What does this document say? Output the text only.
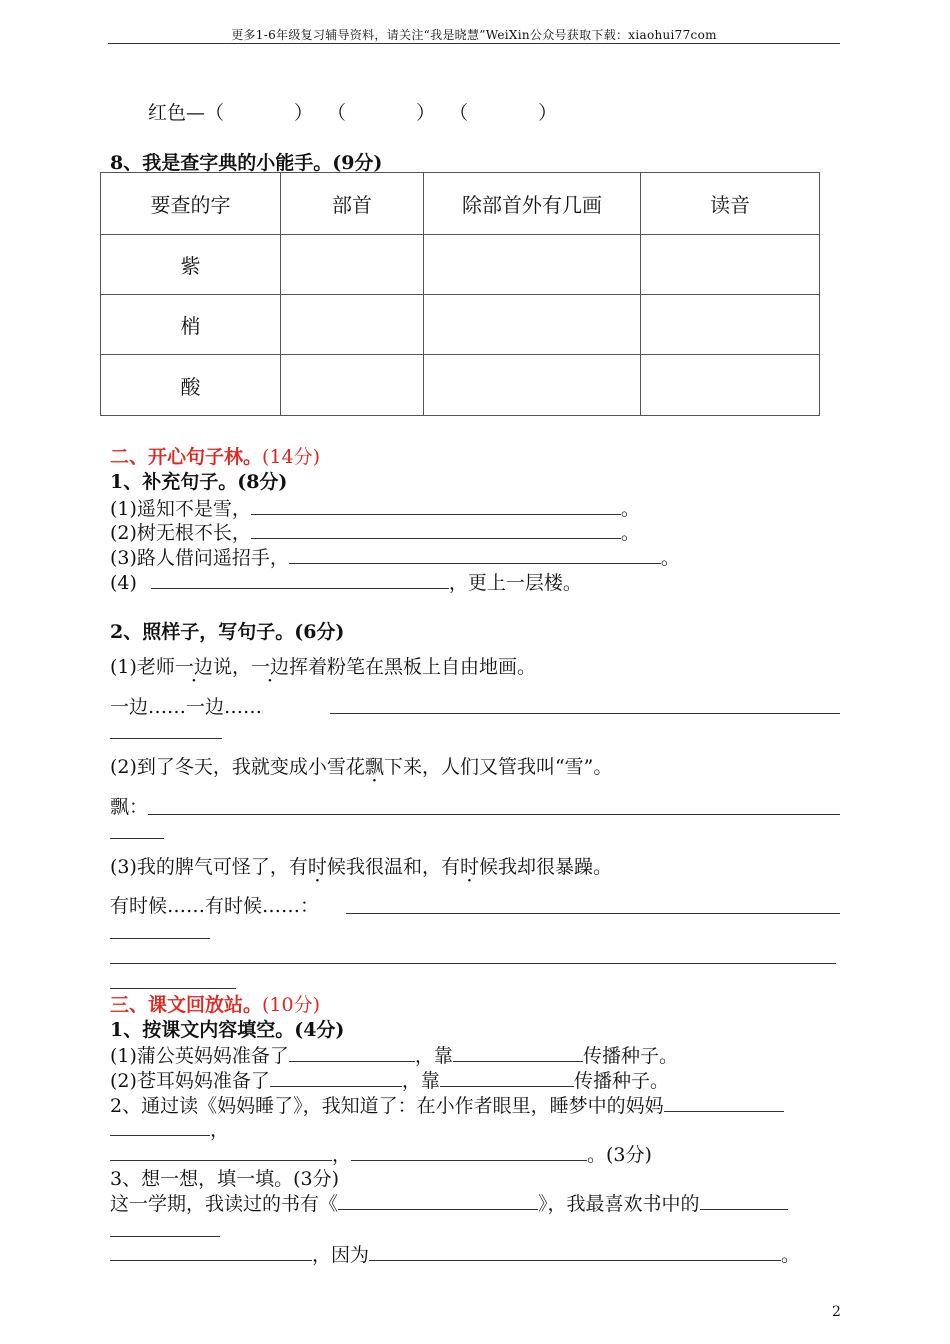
更多1-6年级复习辅导资料，请关注“我是晓慧”WeiXin公众号获取下载：xiaohui77com
红色—（	） （	） （	）
8、我是查字典的小能手。(9分)
要查的字	部首	除部首外有几画	读音
紫			
梢			
酸			
二、开心句子林。(14分)
1、补充句子。(8分)
(1)遥知不是雪，	。
(2)树无根不长，	。
(3)路人借问遥招手，	。
(4)	，更上一层楼。
2、照样子，写句子。(6分)
(1)老师一边说，一边挥着粉笔在黑板上自由地画。
一边……一边……
(2)到了冬天，我就变成小雪花飘下来，人们又管我叫“雪”。
飘：
(3)我的脾气可怪了，有时候我很温和，有时候我却很暴躁。
有时候……有时候……：
三、课文回放站。(10分)
1、按课文内容填空。(4分)
(1)蒲公英妈妈准备了	，靠	传播种子。
(2)苍耳妈妈准备了	，靠	传播种子。
2、通过读《妈妈睡了》，我知道了：在小作者眼里，睡梦中的妈妈
，
，	。(3分)
3、想一想，填一填。(3分)
这一学期，我读过的书有《	》，我最喜欢书中的
，因为	。
2
